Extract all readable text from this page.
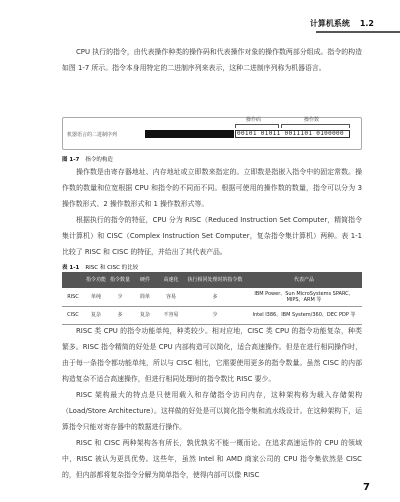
计算机系统 1.2

CPU 执行的指令，由代表操作种类的操作码和代表操作对象的操作数两部分组成。指令的构造如图 1-7 所示。指令本身用特定的二进制序列来表示，这种二进制序列称为机器语言。

操作码	操作数
机器语言的二进制序列	00101 01011 0011101 0100000
图 1-7 指令的构造

操作数是由寄存器地址、内存地址或立即数来指定的。立即数是指嵌入指令中的固定常数。操作数的数量和位宽根据 CPU 和指令的不同而不同。根据可使用的操作数的数量，指令可以分为 3 操作数形式、2 操作数形式和 1 操作数形式等。

根据执行的指令的特征，CPU 分为 RISC（Reduced Instruction Set Computer，精简指令集计算机）和 CISC（Complex Instruction Set Computer，复杂指令集计算机）两种。表 1-1 比较了 RISC 和 CISC 的特征，并给出了其代表产品。

表 1-1 RISC 和 CISC 的比较
	指令功能	指令数量	硬件	高速化	执行相同处理时的指令数	代表产品
RISC	单纯	少	简单	容易	多	IBM Power、Sun MicroSystems SPARC、MIPS、ARM 等
CISC	复杂	多	复杂	不容易	少	Intel I386、IBM System/360、DEC PDP 等

RISC 类 CPU 的指令功能单纯，种类较少。相对应地，CISC 类 CPU 的指令功能复杂，种类繁多。RISC 指令精简的好处是 CPU 内部构造可以简化，适合高速操作。但是在进行相同操作时，由于每一条指令都功能单纯，所以与 CISC 相比，它需要使用更多的指令数量。虽然 CISC 的内部构造复杂不适合高速操作，但进行相同处理时的指令数比 RISC 要少。

RISC 架构最大的特点是只使用载入和存储指令访问内存，这种架构称为载入存储架构（Load/Store Architecture）。这样做的好处是可以简化指令集和流水线设计。在这种架构下，运算指令只能对寄存器中的数据进行操作。

RISC 和 CISC 两种架构各有所长，孰优孰劣不能一概而论。在追求高速运作的 CPU 的领域中，RISC 被认为更具优势。这些年，虽然 Intel 和 AMD 商家公司的 CPU 指令集依然是 CISC 的，但内部都将复杂指令分解为简单指令，使得内部可以像 RISC

7
